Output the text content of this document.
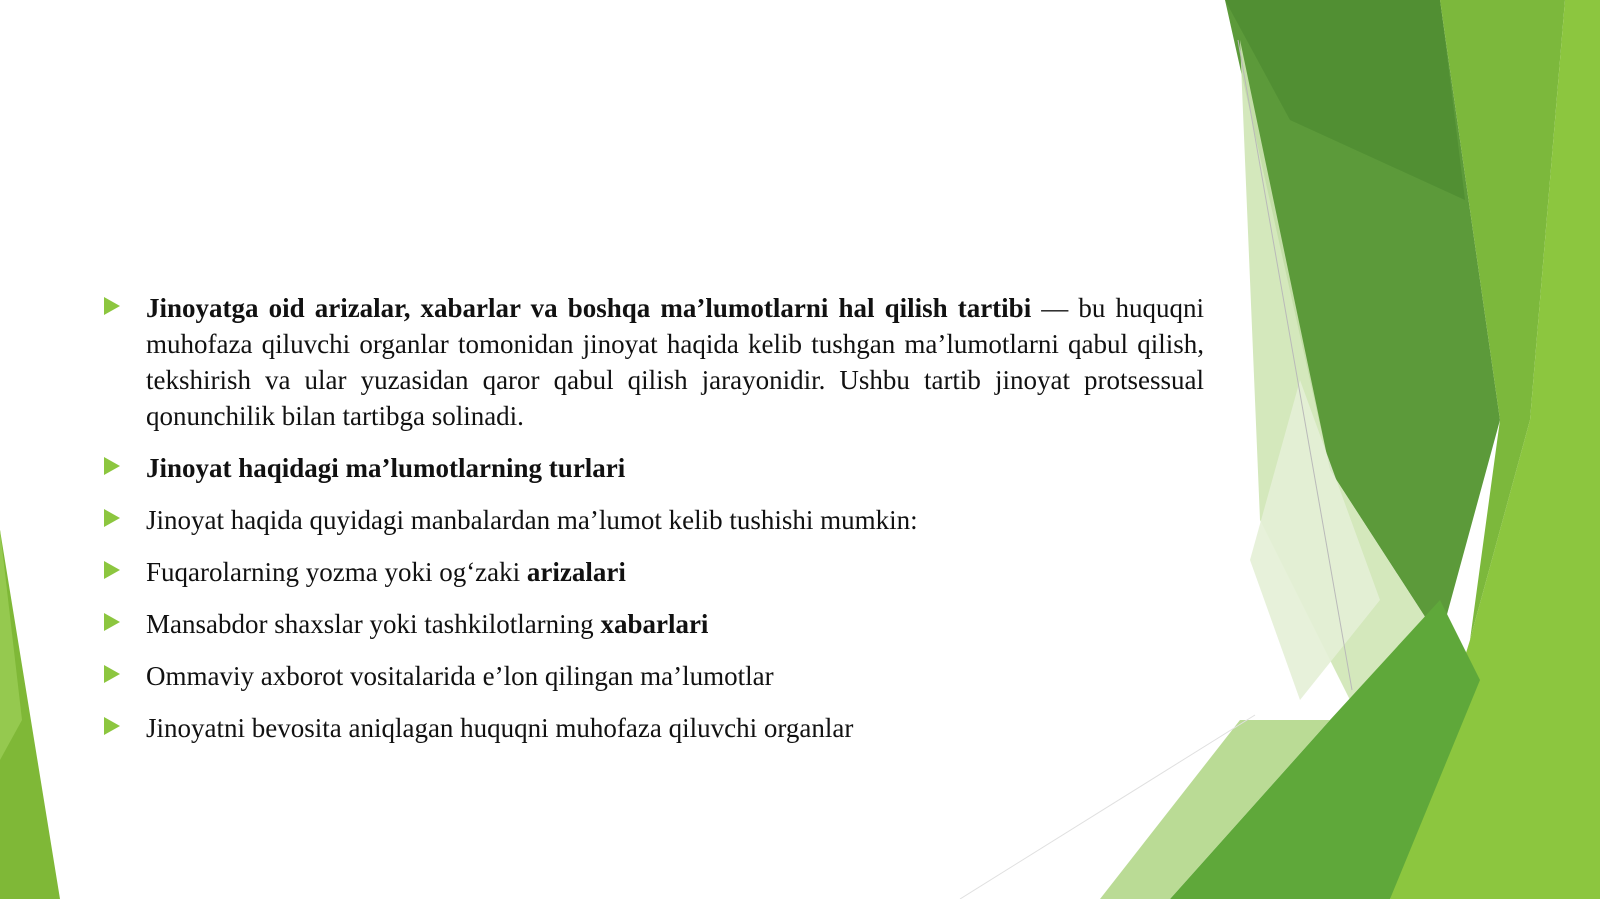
Jinoyatga oid arizalar, xabarlar va boshqa ma’lumotlarni hal qilish tartibi — bu huquqni muhofaza qiluvchi organlar tomonidan jinoyat haqida kelib tushgan ma’lumotlarni qabul qilish, tekshirish va ular yuzasidan qaror qabul qilish jarayonidir. Ushbu tartib jinoyat protsessual qonunchilik bilan tartibga solinadi.
Jinoyat haqidagi ma’lumotlarning turlari
Jinoyat haqida quyidagi manbalardan ma’lumot kelib tushishi mumkin:
Fuqarolarning yozma yoki og‘zaki arizalari
Mansabdor shaxslar yoki tashkilotlarning xabarlari
Ommaviy axborot vositalarida e’lon qilingan ma’lumotlar
Jinoyatni bevosita aniqlagan huquqni muhofaza qiluvchi organlar
